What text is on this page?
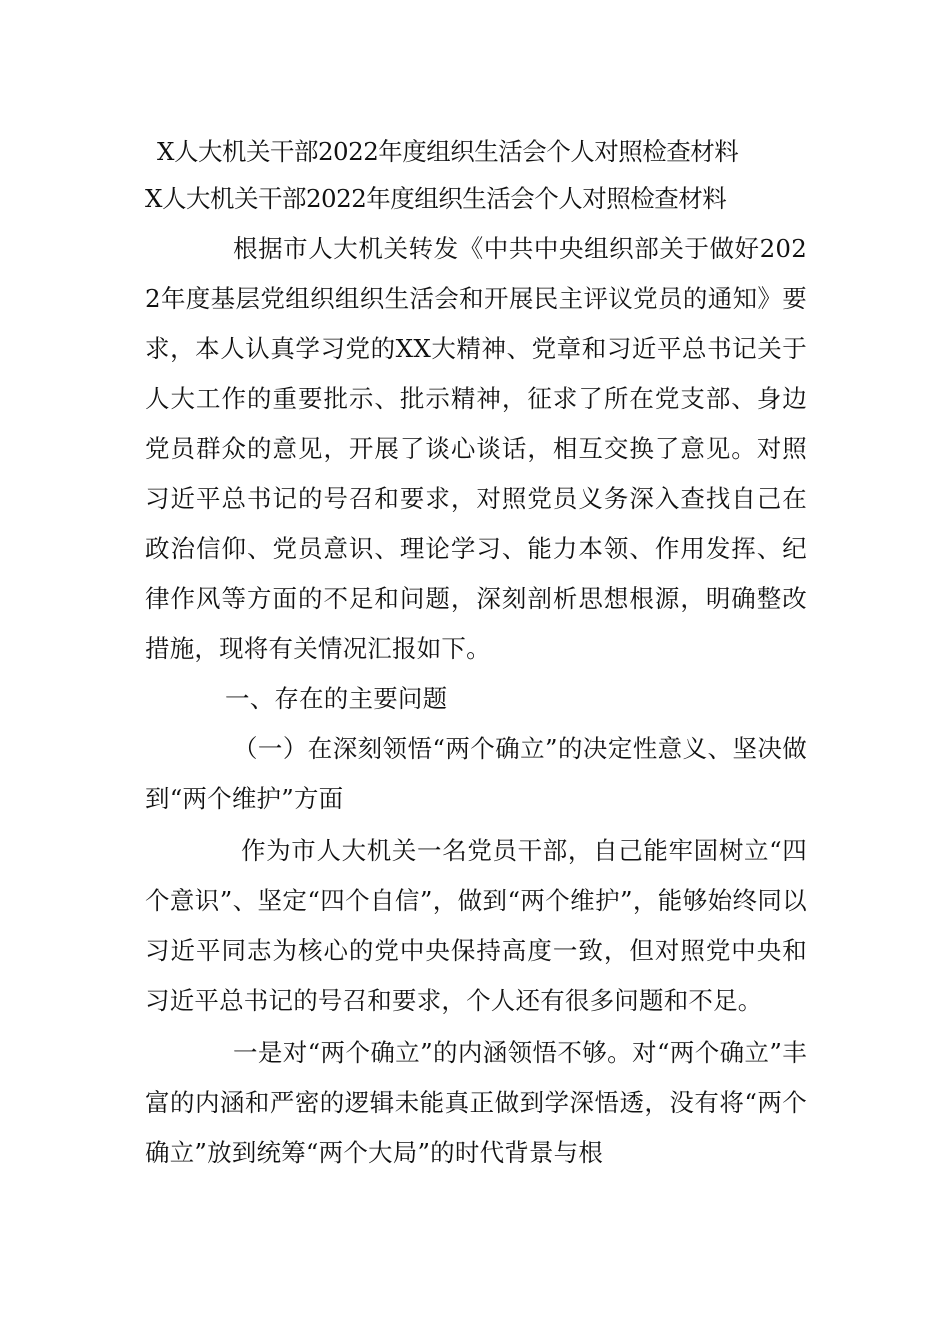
X人大机关干部2022年度组织生活会个人对照检查材料
X人大机关干部2022年度组织生活会个人对照检查材料

根据市人大机关转发《中共中央组织部关于做好2022年度基层党组织组织生活会和开展民主评议党员的通知》要求，本人认真学习党的XX大精神、党章和习近平总书记关于人大工作的重要批示、批示精神，征求了所在党支部、身边党员群众的意见，开展了谈心谈话，相互交换了意见。对照习近平总书记的号召和要求，对照党员义务深入查找自己在政治信仰、党员意识、理论学习、能力本领、作用发挥、纪律作风等方面的不足和问题，深刻剖析思想根源，明确整改措施，现将有关情况汇报如下。

一、存在的主要问题

（一）在深刻领悟“两个确立”的决定性意义、坚决做到“两个维护”方面

作为市人大机关一名党员干部，自己能牢固树立“四个意识”、坚定“四个自信”，做到“两个维护”，能够始终同以习近平同志为核心的党中央保持高度一致，但对照党中央和习近平总书记的号召和要求，个人还有很多问题和不足。

一是对“两个确立”的内涵领悟不够。对“两个确立”丰富的内涵和严密的逻辑未能真正做到学深悟透，没有将“两个确立”放到统筹“两个大局”的时代背景与根
